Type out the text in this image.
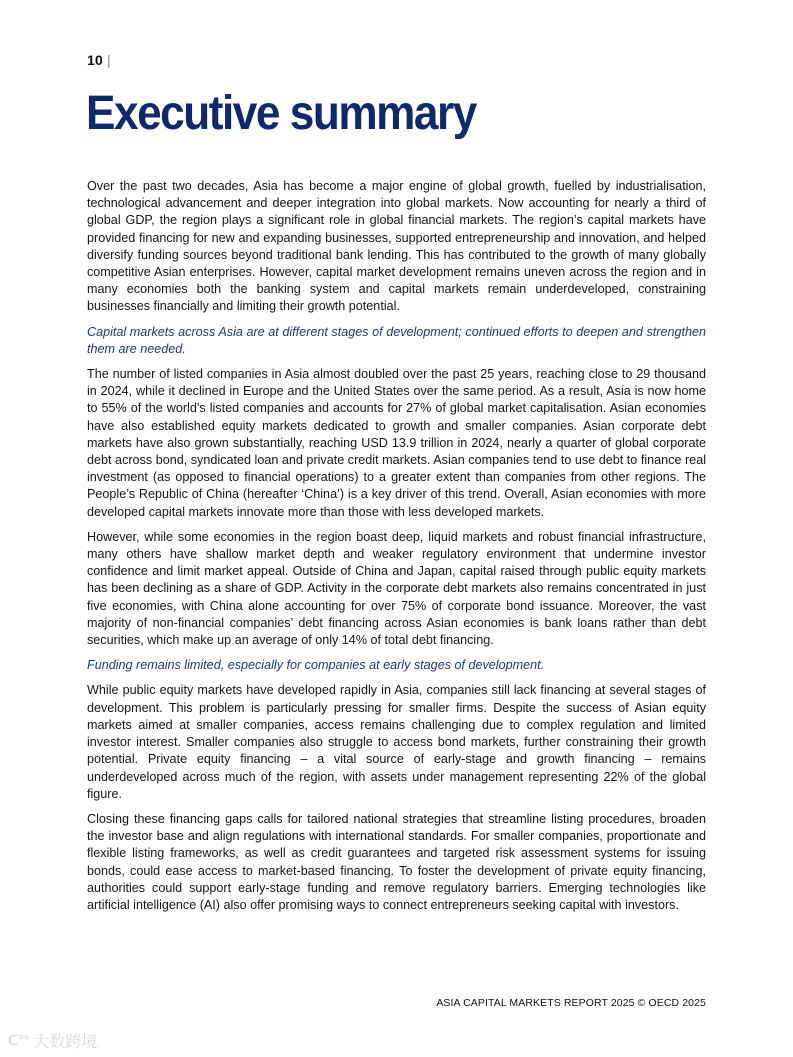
10 |
Executive summary

Over the past two decades, Asia has become a major engine of global growth, fuelled by industrialisation, technological advancement and deeper integration into global markets. Now accounting for nearly a third of global GDP, the region plays a significant role in global financial markets. The region’s capital markets have provided financing for new and expanding businesses, supported entrepreneurship and innovation, and helped diversify funding sources beyond traditional bank lending. This has contributed to the growth of many globally competitive Asian enterprises. However, capital market development remains uneven across the region and in many economies both the banking system and capital markets remain underdeveloped, constraining businesses financially and limiting their growth potential.

Capital markets across Asia are at different stages of development; continued efforts to deepen and strengthen them are needed.

The number of listed companies in Asia almost doubled over the past 25 years, reaching close to 29 thousand in 2024, while it declined in Europe and the United States over the same period. As a result, Asia is now home to 55% of the world’s listed companies and accounts for 27% of global market capitalisation. Asian economies have also established equity markets dedicated to growth and smaller companies. Asian corporate debt markets have also grown substantially, reaching USD 13.9 trillion in 2024, nearly a quarter of global corporate debt across bond, syndicated loan and private credit markets. Asian companies tend to use debt to finance real investment (as opposed to financial operations) to a greater extent than companies from other regions. The People’s Republic of China (hereafter ‘China’) is a key driver of this trend. Overall, Asian economies with more developed capital markets innovate more than those with less developed markets.

However, while some economies in the region boast deep, liquid markets and robust financial infrastructure, many others have shallow market depth and weaker regulatory environment that undermine investor confidence and limit market appeal. Outside of China and Japan, capital raised through public equity markets has been declining as a share of GDP. Activity in the corporate debt markets also remains concentrated in just five economies, with China alone accounting for over 75% of corporate bond issuance. Moreover, the vast majority of non-financial companies’ debt financing across Asian economies is bank loans rather than debt securities, which make up an average of only 14% of total debt financing.

Funding remains limited, especially for companies at early stages of development.

While public equity markets have developed rapidly in Asia, companies still lack financing at several stages of development. This problem is particularly pressing for smaller firms. Despite the success of Asian equity markets aimed at smaller companies, access remains challenging due to complex regulation and limited investor interest. Smaller companies also struggle to access bond markets, further constraining their growth potential. Private equity financing – a vital source of early-stage and growth financing – remains underdeveloped across much of the region, with assets under management representing 22% of the global figure.

Closing these financing gaps calls for tailored national strategies that streamline listing procedures, broaden the investor base and align regulations with international standards. For smaller companies, proportionate and flexible listing frameworks, as well as credit guarantees and targeted risk assessment systems for issuing bonds, could ease access to market-based financing. To foster the development of private equity financing, authorities could support early-stage funding and remove regulatory barriers. Emerging technologies like artificial intelligence (AI) also offer promising ways to connect entrepreneurs seeking capital with investors.

ASIA CAPITAL MARKETS REPORT 2025 © OECD 2025
ᑕ°° 大数跨境
